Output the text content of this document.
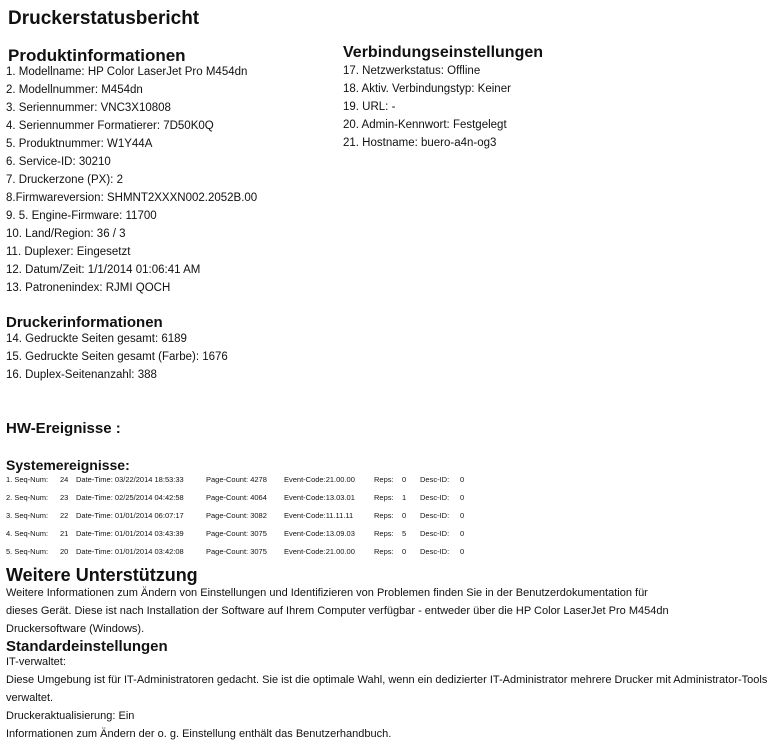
Druckerstatusbericht
Produktinformationen
1. Modellname: HP Color LaserJet Pro M454dn
2. Modellnummer: M454dn
3. Seriennummer: VNC3X10808
4. Seriennummer Formatierer: 7D50K0Q
5. Produktnummer: W1Y44A
6. Service-ID: 30210
7. Druckerzone (PX): 2
8.Firmwareversion: SHMNT2XXXN002.2052B.00
9. 5. Engine-Firmware: 11700
10. Land/Region: 36 / 3
11. Duplexer: Eingesetzt
12. Datum/Zeit: 1/1/2014 01:06:41 AM
13. Patronenindex: RJMI QOCH
Verbindungseinstellungen
17. Netzwerkstatus: Offline
18. Aktiv. Verbindungstyp: Keiner
19. URL: -
20. Admin-Kennwort: Festgelegt
21. Hostname: buero-a4n-og3
Druckerinformationen
14. Gedruckte Seiten gesamt: 6189
15. Gedruckte Seiten gesamt (Farbe): 1676
16. Duplex-Seitenanzahl: 388
HW-Ereignisse :
Systemereignisse:
1. Seq-Num: 24 Date-Time: 03/22/2014 18:53:33	Page-Count: 4278 Event-Code:21.00.00	Reps: 0 Desc-ID: 0
2. Seq-Num: 23 Date-Time: 02/25/2014 04:42:58	Page-Count: 4064 Event-Code:13.03.01	Reps: 1 Desc-ID: 0
3. Seq-Num: 22 Date-Time: 01/01/2014 06:07:17	Page-Count: 3082 Event-Code:11.11.11	Reps: 0 Desc-ID: 0
4. Seq-Num: 21 Date-Time: 01/01/2014 03:43:39	Page-Count: 3075 Event-Code:13.09.03	Reps: 5 Desc-ID: 0
5. Seq-Num: 20 Date-Time: 01/01/2014 03:42:08	Page-Count: 3075 Event-Code:21.00.00	Reps: 0 Desc-ID: 0
Weitere Unterstützung
Weitere Informationen zum Ändern von Einstellungen und Identifizieren von Problemen finden Sie in der Benutzerdokumentation für
dieses Gerät. Diese ist nach Installation der Software auf Ihrem Computer verfügbar - entweder über die HP Color LaserJet Pro M454dn
Druckersoftware (Windows).
Standardeinstellungen
IT-verwaltet:
Diese Umgebung ist für IT-Administratoren gedacht. Sie ist die optimale Wahl, wenn ein dedizierter IT-Administrator mehrere Drucker mit Administrator-Tools
verwaltet.
Druckeraktualisierung: Ein
Informationen zum Ändern der o. g. Einstellung enthält das Benutzerhandbuch.
